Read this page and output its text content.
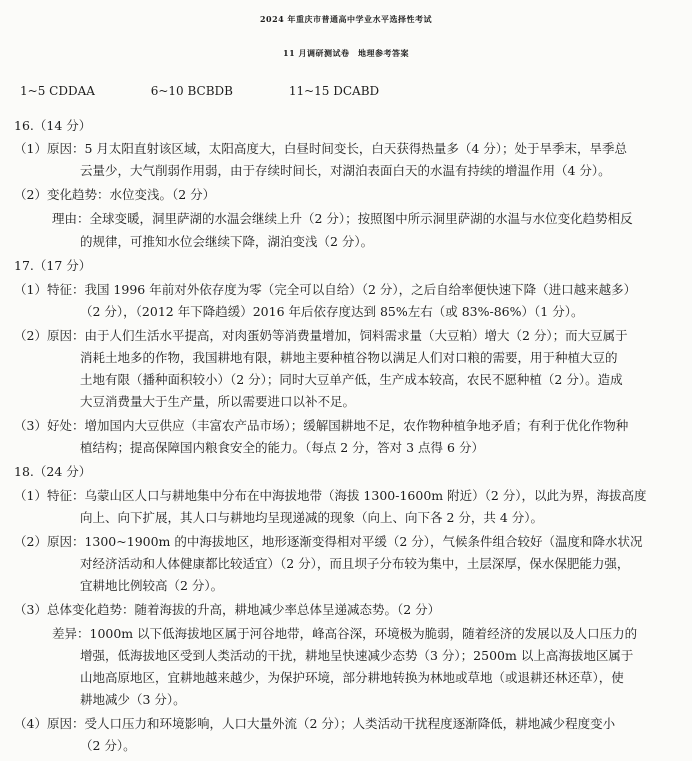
2024 年重庆市普通高中学业水平选择性考试
11 月调研测试卷　地理参考答案
1~5 CDDAA	6~10 BCBDB	11~15 DCABD
16.（14 分）
（1）原因：5 月太阳直射该区域，太阳高度大，白昼时间变长，白天获得热量多（4 分）；处于旱季末，旱季总
云量少，大气削弱作用弱，由于存续时间长，对湖泊表面白天的水温有持续的增温作用（4 分）。
（2）变化趋势：水位变浅。（2 分）
理由：全球变暖，洞里萨湖的水温会继续上升（2 分）；按照图中所示洞里萨湖的水温与水位变化趋势相反
的规律，可推知水位会继续下降，湖泊变浅（2 分）。
17.（17 分）
（1）特征：我国 1996 年前对外依存度为零（完全可以自给）（2 分），之后自给率便快速下降（进口越来越多）
（2 分），（2012 年下降趋缓）2016 年后依存度达到 85%左右（或 83%-86%）（1 分）。
（2）原因：由于人们生活水平提高，对肉蛋奶等消费量增加，饲料需求量（大豆粕）增大（2 分）；而大豆属于
消耗土地多的作物，我国耕地有限，耕地主要种植谷物以满足人们对口粮的需要，用于种植大豆的
土地有限（播种面积较小）（2 分）；同时大豆单产低，生产成本较高，农民不愿种植（2 分）。造成
大豆消费量大于生产量，所以需要进口以补不足。
（3）好处：增加国内大豆供应（丰富农产品市场）；缓解国耕地不足，农作物种植争地矛盾；有利于优化作物种
植结构；提高保障国内粮食安全的能力。（每点 2 分，答对 3 点得 6 分）
18.（24 分）
（1）特征：乌蒙山区人口与耕地集中分布在中海拔地带（海拔 1300-1600m 附近）（2 分），以此为界，海拔高度
向上、向下扩展，其人口与耕地均呈现递减的现象（向上、向下各 2 分，共 4 分）。
（2）原因：1300~1900m 的中海拔地区，地形逐渐变得相对平缓（2 分），气候条件组合较好（温度和降水状况
对经济活动和人体健康都比较适宜）（2 分），而且坝子分布较为集中，土层深厚，保水保肥能力强，
宜耕地比例较高（2 分）。
（3）总体变化趋势：随着海拔的升高，耕地减少率总体呈递减态势。（2 分）
差异：1000m 以下低海拔地区属于河谷地带，峰高谷深，环境极为脆弱，随着经济的发展以及人口压力的
增强，低海拔地区受到人类活动的干扰，耕地呈快速减少态势（3 分）；2500m 以上高海拔地区属于
山地高原地区，宜耕地越来越少，为保护环境，部分耕地转换为林地或草地（或退耕还林还草），使
耕地减少（3 分）。
（4）原因：受人口压力和环境影响，人口大量外流（2 分）；人类活动干扰程度逐渐降低，耕地减少程度变小
（2 分）。
